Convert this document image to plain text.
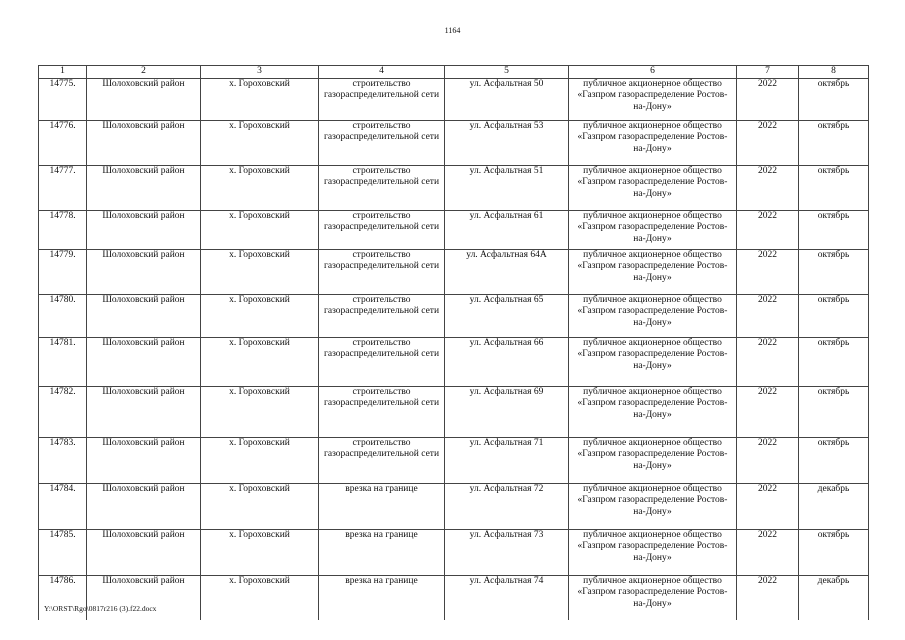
1164
1	2	3	4	5	6	7	8
14775.	Шолоховский район	х. Гороховский	строительство газораспределительной сети	ул. Асфальтная 50	публичное акционерное общество «Газпром газораспределение Ростов-на-Дону»	2022	октябрь
14776.	Шолоховский район	х. Гороховский	строительство газораспределительной сети	ул. Асфальтная 53	публичное акционерное общество «Газпром газораспределение Ростов-на-Дону»	2022	октябрь
14777.	Шолоховский район	х. Гороховский	строительство газораспределительной сети	ул. Асфальтная 51	публичное акционерное общество «Газпром газораспределение Ростов-на-Дону»	2022	октябрь
14778.	Шолоховский район	х. Гороховский	строительство газораспределительной сети	ул. Асфальтная 61	публичное акционерное общество «Газпром газораспределение Ростов-на-Дону»	2022	октябрь
14779.	Шолоховский район	х. Гороховский	строительство газораспределительной сети	ул. Асфальтная 64А	публичное акционерное общество «Газпром газораспределение Ростов-на-Дону»	2022	октябрь
14780.	Шолоховский район	х. Гороховский	строительство газораспределительной сети	ул. Асфальтная 65	публичное акционерное общество «Газпром газораспределение Ростов-на-Дону»	2022	октябрь
14781.	Шолоховский район	х. Гороховский	строительство газораспределительной сети	ул. Асфальтная 66	публичное акционерное общество «Газпром газораспределение Ростов-на-Дону»	2022	октябрь
14782.	Шолоховский район	х. Гороховский	строительство газораспределительной сети	ул. Асфальтная 69	публичное акционерное общество «Газпром газораспределение Ростов-на-Дону»	2022	октябрь
14783.	Шолоховский район	х. Гороховский	строительство газораспределительной сети	ул. Асфальтная 71	публичное акционерное общество «Газпром газораспределение Ростов-на-Дону»	2022	октябрь
14784.	Шолоховский район	х. Гороховский	врезка на границе	ул. Асфальтная 72	публичное акционерное общество «Газпром газораспределение Ростов-на-Дону»	2022	декабрь
14785.	Шолоховский район	х. Гороховский	врезка на границе	ул. Асфальтная 73	публичное акционерное общество «Газпром газораспределение Ростов-на-Дону»	2022	октябрь
14786.	Шолоховский район	х. Гороховский	врезка на границе	ул. Асфальтная 74	публичное акционерное общество «Газпром газораспределение Ростов-на-Дону»	2022	декабрь
Y:\ORST\Rgo\0817r216 (3).f22.docx
